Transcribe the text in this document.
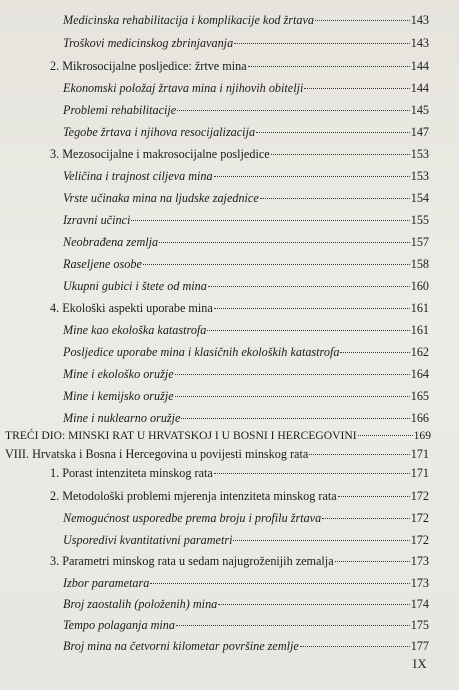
Medicinska rehabilitacija i komplikacije kod žrtava	143
Troškovi medicinskog zbrinjavanja	143
2. Mikrosocijalne posljedice: žrtve mina	144
Ekonomski položaj žrtava mina i njihovih obitelji	144
Problemi rehabilitacije	145
Tegobe žrtava i njihova resocijalizacija	147
3. Mezosocijalne i makrosocijalne posljedice	153
Veličina i trajnost ciljeva mina	153
Vrste učinaka mina na ljudske zajednice	154
Izravni učinci	155
Neobrađena zemlja	157
Raseljene osobe	158
Ukupni gubici i štete od mina	160
4. Ekološki aspekti uporabe mina	161
Mine kao ekološka katastrofa	161
Posljedice uporabe mina i klasičnih ekoloških katastrofa	162
Mine i ekološko oružje	164
Mine i kemijsko oružje	165
Mine i nuklearno oružje	166
TREĆI DIO: MINSKI RAT U HRVATSKOJ I U BOSNI I HERCEGOVINI	169
VIII. Hrvatska i Bosna i Hercegovina u povijesti minskog rata	171
1. Porast intenziteta minskog rata	171
2. Metodološki problemi mjerenja intenziteta minskog rata	172
Nemogućnost usporedbe prema broju i profilu žrtava	172
Usporedivi kvantitativni parametri	172
3. Parametri minskog rata u sedam najugroženijih zemalja	173
Izbor parametara	173
Broj zaostalih (položenih) mina	174
Tempo polaganja mina	175
Broj mina na četvorni kilometar površine zemlje	177
IX
